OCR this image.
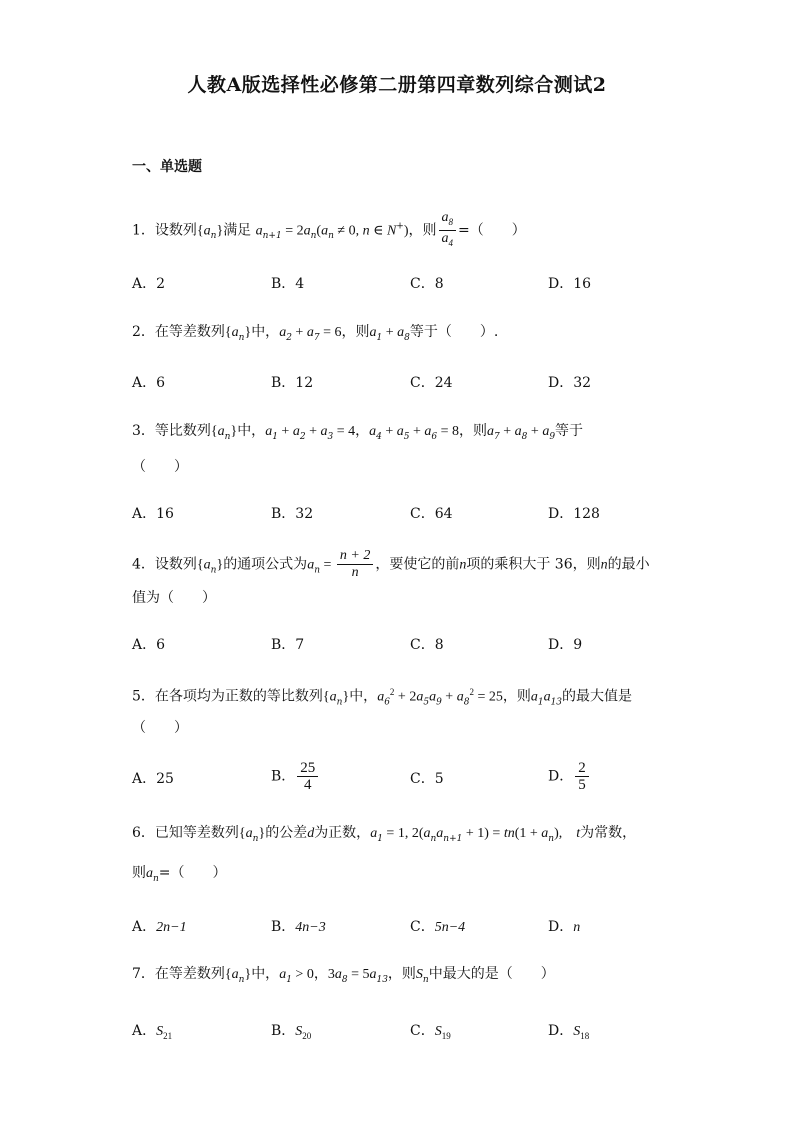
人教A版选择性必修第二册第四章数列综合测试2
一、单选题
1．设数列$\{a_n\}$满足 $a_{n+1} = 2a_n(a_n \ne 0$, n ∈ N+)，则 $\frac{a_8}{a_4}$ =（　　）
A．2	B．4	C．8	D．16
2．在等差数列$\{a_n\}$中，$a_2 + a_7 = 6$，则$a_1 + a_8$等于（　　）.
A．6	B．12	C．24	D．32
3．等比数列$\{a_n\}$中，$a_1 + a_2 + a_3 = 4$，$a_4 + a_5 + a_6 = 8$，则$a_7 + a_8 + a_9$等于
（　　）
A．16	B．32	C．64	D．128
4．设数列$\{a_n\}$的通项公式为$a_n = \frac{n + 2}{n}$ ，要使它的前n项的乘积大于 36，则n的最小
值为（　　）
A．6	B．7	C．8	D．9
5．在各项均为正数的等比数列$\{a_n\}$中，$a_6^2 + 2a_5a_9 + a_8^2 = 25$，则$a_1a_{13}$的最大值是
（　　）
A．25	B． $\frac{25}{4}$	C．5	D． $\frac{2}{5}$
6．已知等差数列$\{a_n\}$的公差d为正数，$a_1 = 1$, $2(a_na_{n+1} + 1) = tn(1 + a_n)$,　t为常数，
则$a_n=$（　　）
A．2n−1	B．4n−3	C．5n−4	D．n
7．在等差数列$\{a_n\}$中，$a_1 > 0$，$3a_8 = 5a_{13}$，则$S_n$中最大的是（　　）
A．$S_{21}$	B．$S_{20}$	C．$S_{19}$	D．$S_{18}$
